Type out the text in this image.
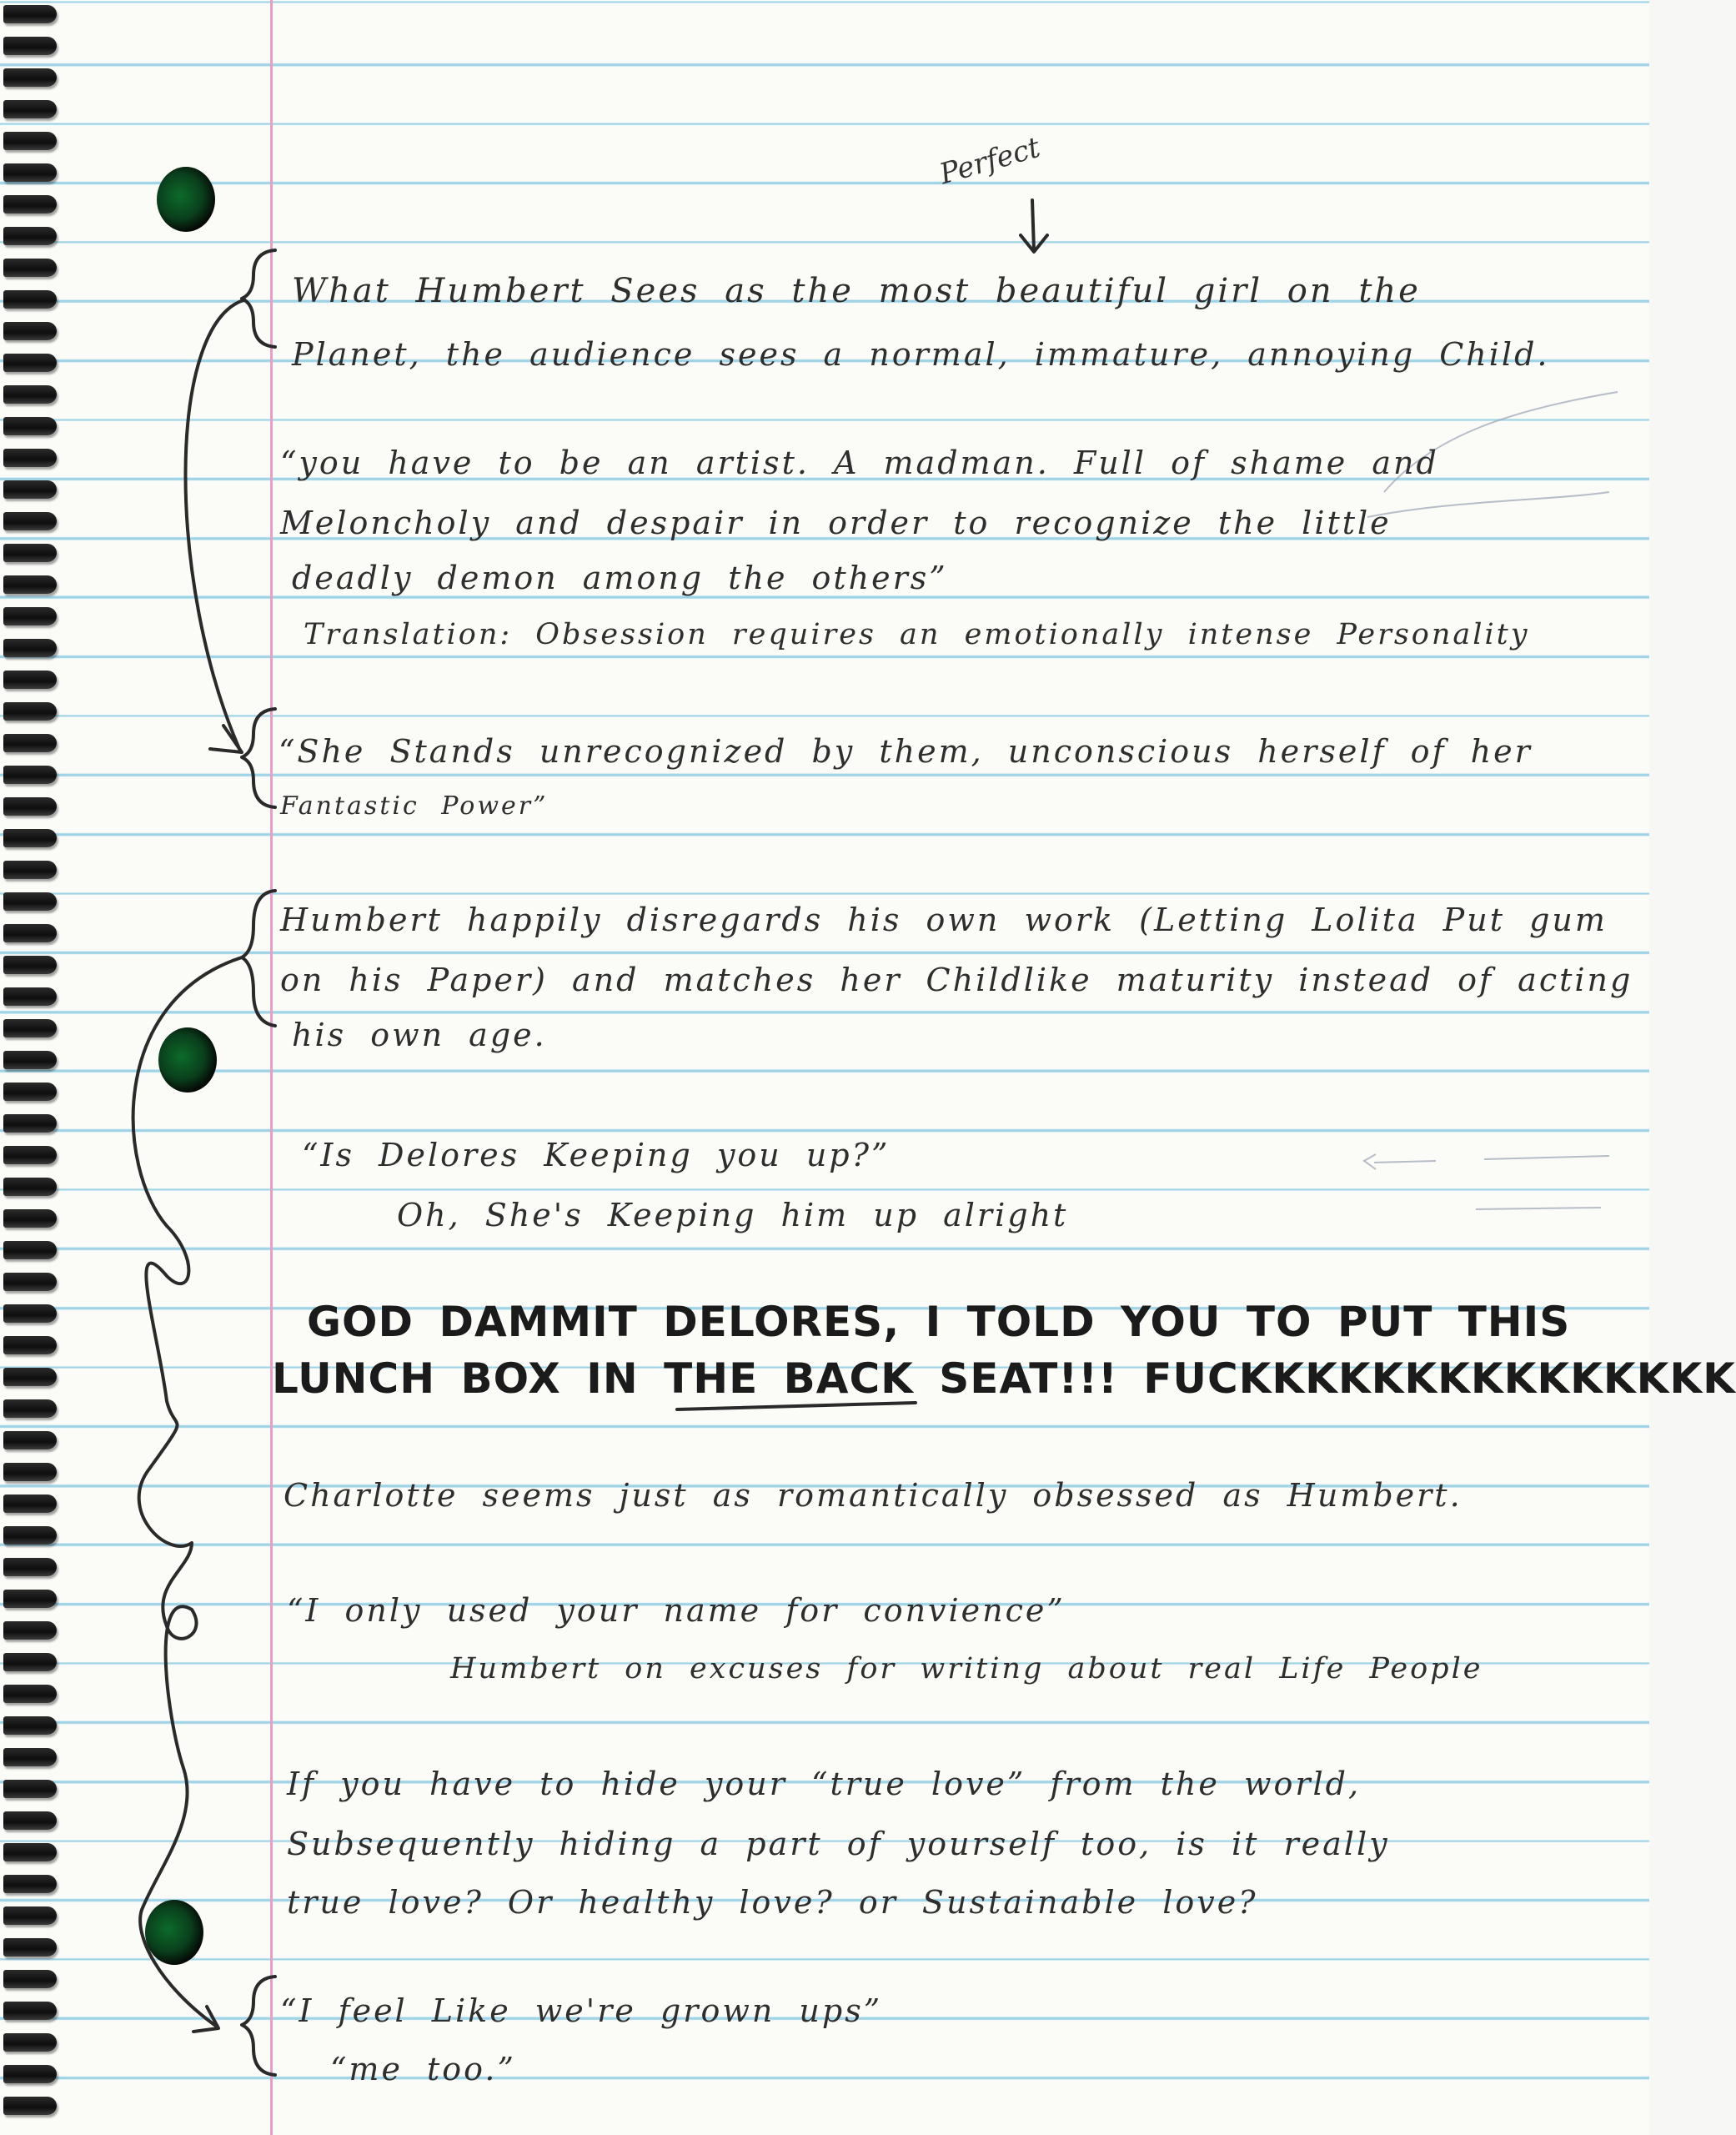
Perfect

What Humbert Sees as the most beautiful girl on the

Planet, the audience sees a normal, immature, annoying Child.

“you have to be an artist. A madman. Full of shame and

Meloncholy and despair in order to recognize the little

deadly demon among the others”

Translation: Obsession requires an emotionally intense Personality

“She Stands unrecognized by them, unconscious herself of her

Fantastic Power”

Humbert happily disregards his own work (Letting Lolita Put gum

on his Paper) and matches her Childlike maturity instead of acting

his own age.

“Is Delores Keeping you up?”

Oh, She's Keeping him up alright

GOD DAMMIT DELORES, I TOLD YOU TO PUT THIS

LUNCH BOX IN THE BACK SEAT!!! FUCKKKKKKKKKKKKKKK

Charlotte seems just as romantically obsessed as Humbert.

“I only used your name for convience”

Humbert on excuses for writing about real Life People

If you have to hide your “true love” from the world,

Subsequently hiding a part of yourself too, is it really

true love? Or healthy love? or Sustainable love?

“I feel Like we're grown ups”

“me too.”
